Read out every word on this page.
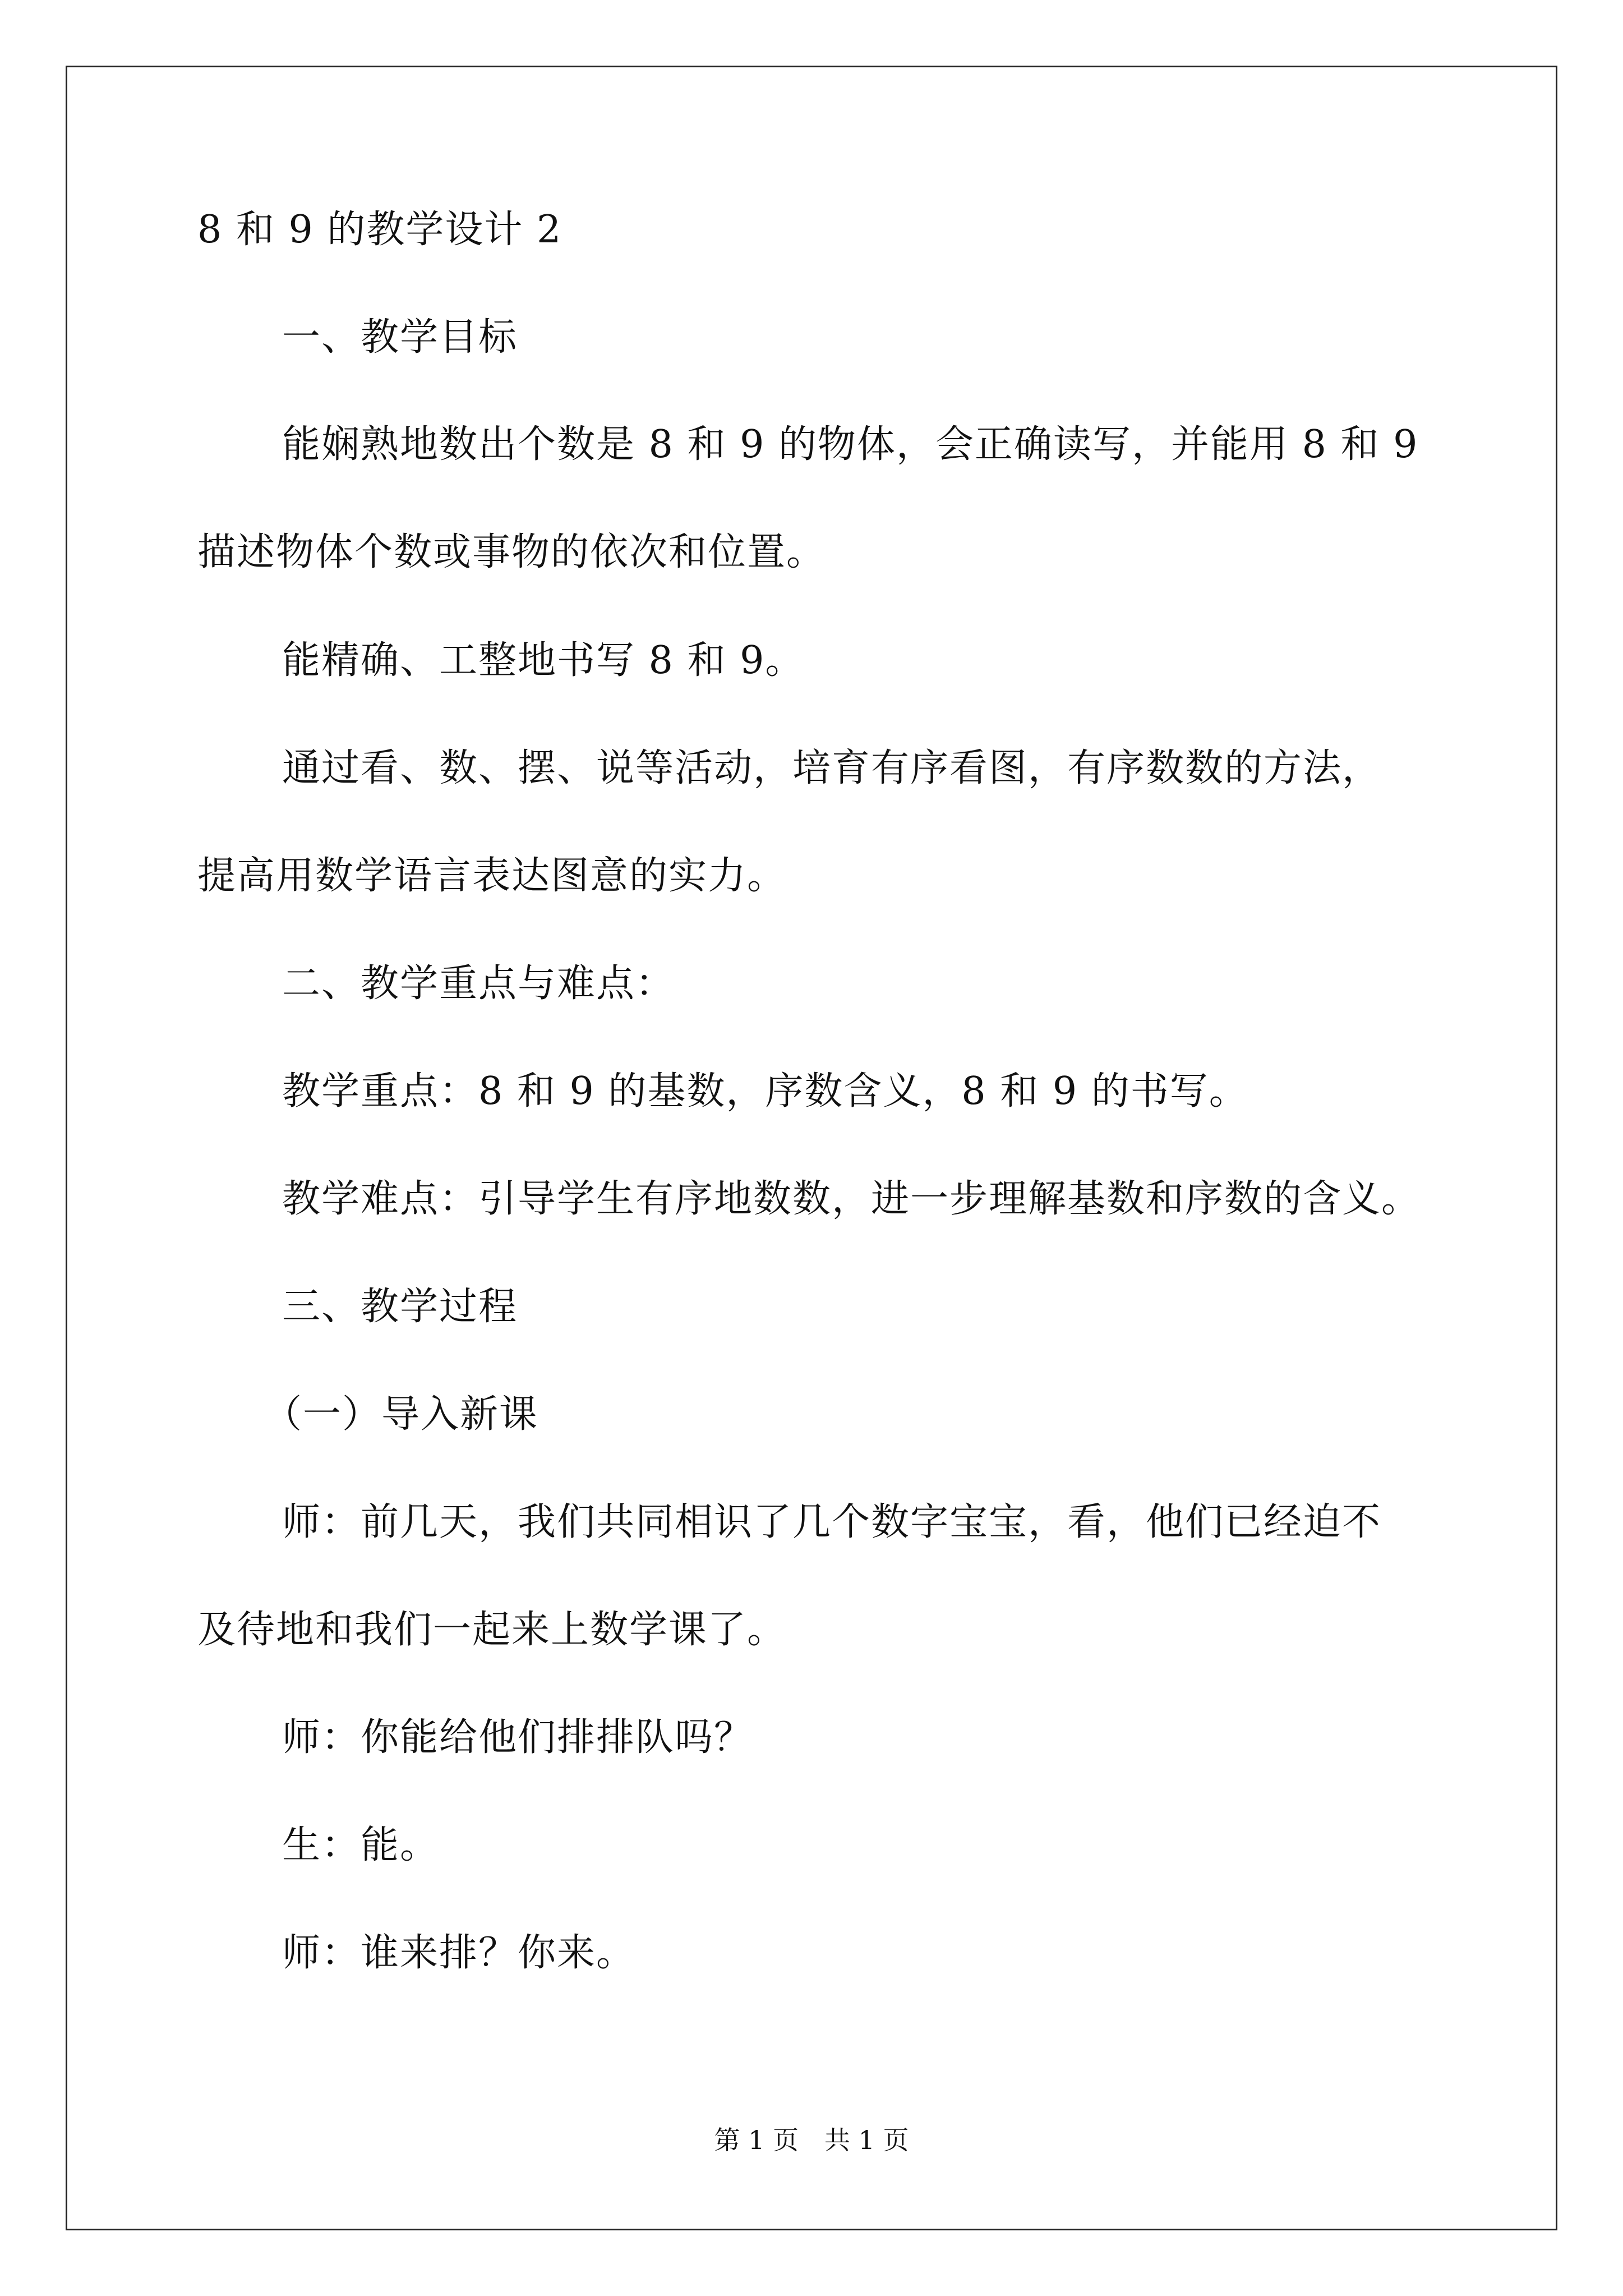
8 和 9 的教学设计 2
一、教学目标
能娴熟地数出个数是 8 和 9 的物体，会正确读写，并能用 8 和 9
描述物体个数或事物的依次和位置。
能精确、工整地书写 8 和 9。
通过看、数、摆、说等活动，培育有序看图，有序数数的方法，
提高用数学语言表达图意的实力。
二、教学重点与难点：
教学重点：8 和 9 的基数，序数含义，8 和 9 的书写。
教学难点：引导学生有序地数数，进一步理解基数和序数的含义。
三、教学过程
（一）导入新课
师：前几天，我们共同相识了几个数字宝宝，看，他们已经迫不
及待地和我们一起来上数学课了。
师：你能给他们排排队吗？
生：能。
师：谁来排？你来。
第 1 页　共 1 页
